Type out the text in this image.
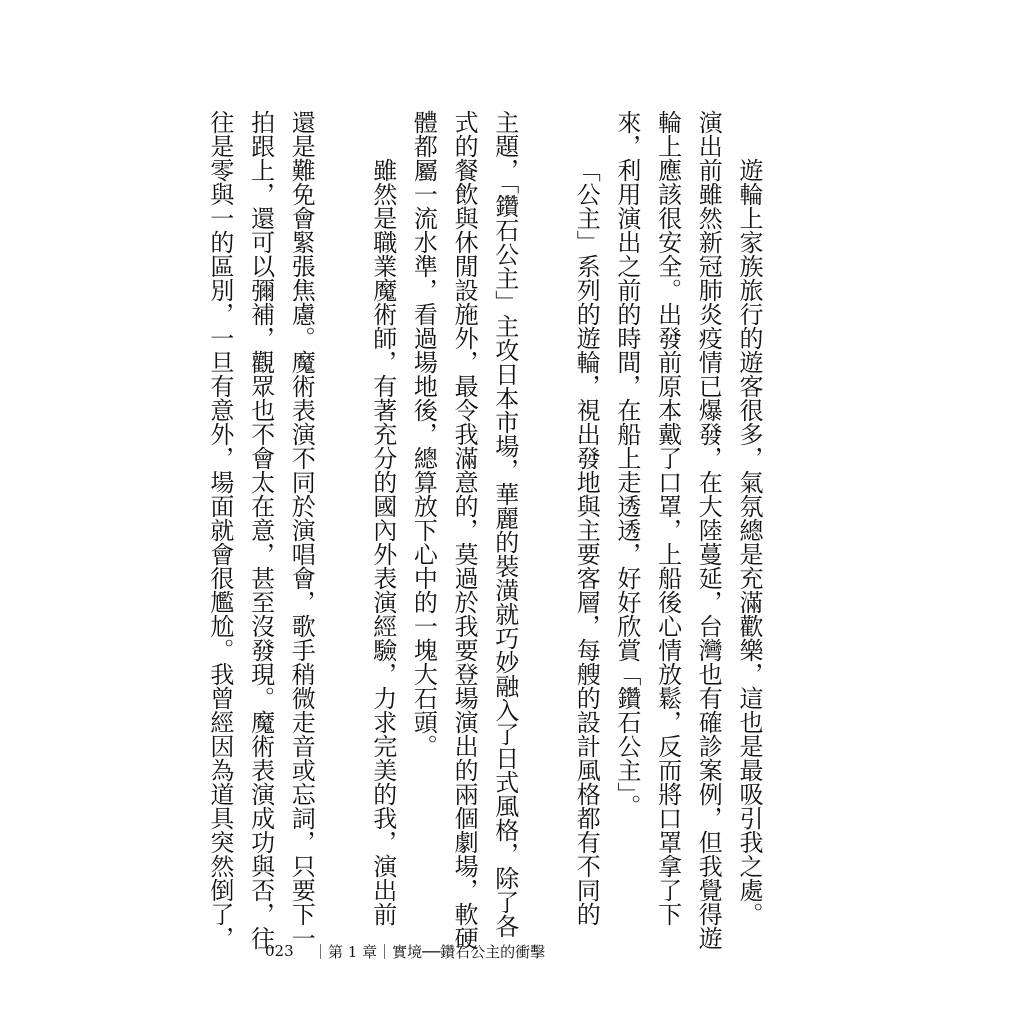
遊輪上家族旅行的遊客很多，氣氛總是充滿歡樂，這也是最吸引我之處。

演出前雖然新冠肺炎疫情已爆發，在大陸蔓延，台灣也有確診案例，但我覺得遊

輪上應該很安全。出發前原本戴了口罩，上船後心情放鬆，反而將口罩拿了下

來，利用演出之前的時間，在船上走透透，好好欣賞「鑽石公主」。

「公主」系列的遊輪，視出發地與主要客層，每艘的設計風格都有不同的

主題，「鑽石公主」主攻日本市場，華麗的裝潢就巧妙融入了日式風格，除了各

式的餐飲與休閒設施外，最令我滿意的，莫過於我要登場演出的兩個劇場，軟硬

體都屬一流水準，看過場地後，總算放下心中的一塊大石頭。

雖然是職業魔術師，有著充分的國內外表演經驗，力求完美的我，演出前

還是難免會緊張焦慮。魔術表演不同於演唱會，歌手稍微走音或忘詞，只要下一

拍跟上，還可以彌補，觀眾也不會太在意，甚至沒發現。魔術表演成功與否，往

往是零與一的區別，一旦有意外，場面就會很尷尬。我曾經因為道具突然倒了，

023	｜第 1 章｜實境──鑽石公主的衝擊
